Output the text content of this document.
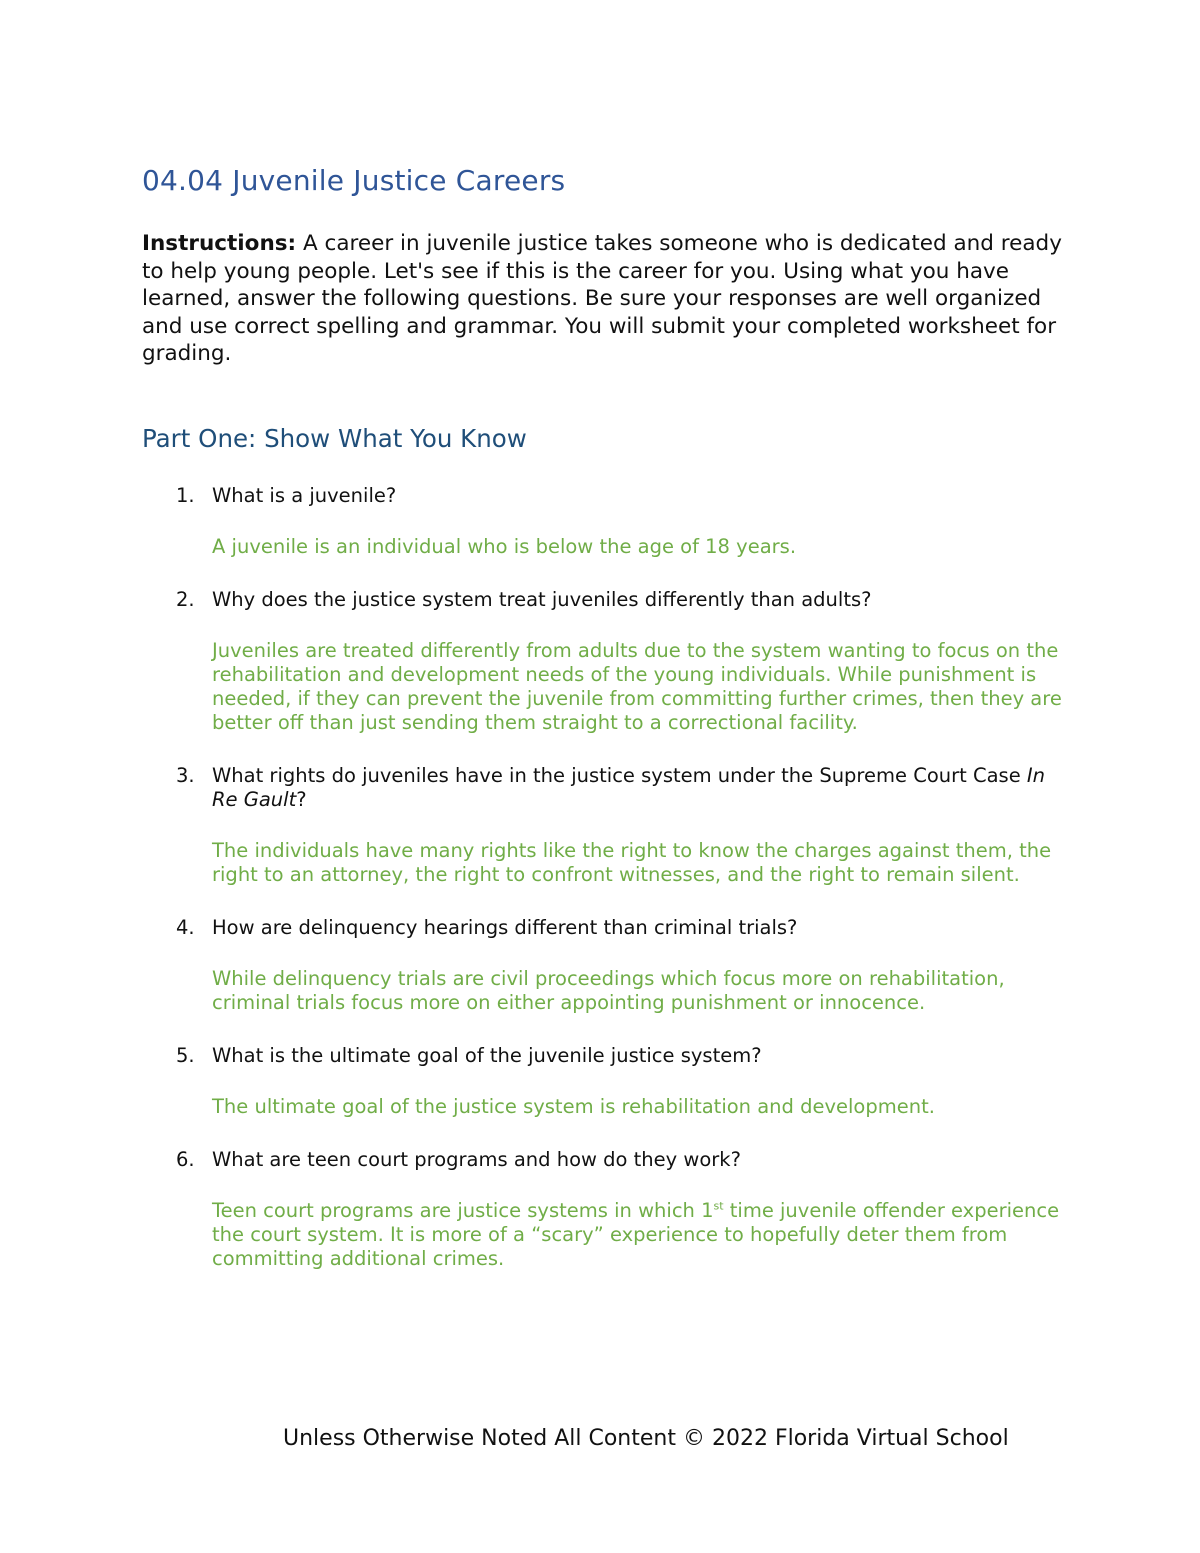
04.04 Juvenile Justice Careers

Instructions: A career in juvenile justice takes someone who is dedicated and ready to help young people. Let's see if this is the career for you. Using what you have learned, answer the following questions. Be sure your responses are well organized and use correct spelling and grammar. You will submit your completed worksheet for grading.

Part One: Show What You Know
1. What is a juvenile?

A juvenile is an individual who is below the age of 18 years.

2. Why does the justice system treat juveniles differently than adults?

Juveniles are treated differently from adults due to the system wanting to focus on the rehabilitation and development needs of the young individuals. While punishment is needed, if they can prevent the juvenile from committing further crimes, then they are better off than just sending them straight to a correctional facility.

3. What rights do juveniles have in the justice system under the Supreme Court Case In Re Gault?

The individuals have many rights like the right to know the charges against them, the right to an attorney, the right to confront witnesses, and the right to remain silent.

4. How are delinquency hearings different than criminal trials?

While delinquency trials are civil proceedings which focus more on rehabilitation, criminal trials focus more on either appointing punishment or innocence.

5. What is the ultimate goal of the juvenile justice system?

The ultimate goal of the justice system is rehabilitation and development.

6. What are teen court programs and how do they work?

Teen court programs are justice systems in which 1st time juvenile offender experience the court system. It is more of a “scary” experience to hopefully deter them from committing additional crimes.

Unless Otherwise Noted All Content © 2022 Florida Virtual School
